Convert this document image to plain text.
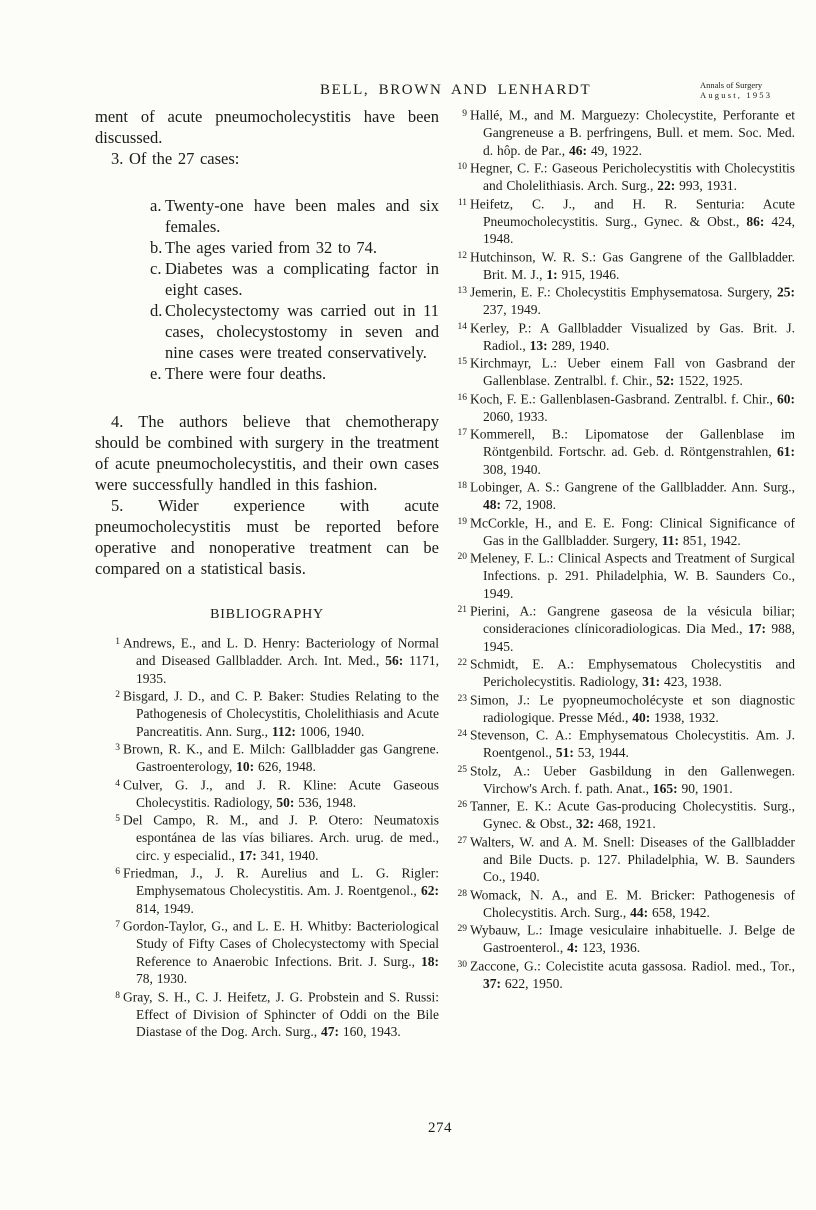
BELL, BROWN AND LENHARDT	Annals of Surgery
August, 1953

ment of acute pneumocholecystitis have been discussed.

3. Of the 27 cases:

a. Twenty-one have been males and six females.
b. The ages varied from 32 to 74.
c. Diabetes was a complicating factor in eight cases.
d. Cholecystectomy was carried out in 11 cases, cholecystostomy in seven and nine cases were treated conservatively.
e. There were four deaths.

4. The authors believe that chemotherapy should be combined with surgery in the treatment of acute pneumocholecystitis, and their own cases were successfully handled in this fashion.

5. Wider experience with acute pneumocholecystitis must be reported before operative and nonoperative treatment can be compared on a statistical basis.

BIBLIOGRAPHY
1 Andrews, E., and L. D. Henry: Bacteriology of Normal and Diseased Gallbladder. Arch. Int. Med., 56: 1171, 1935.
2 Bisgard, J. D., and C. P. Baker: Studies Relating to the Pathogenesis of Cholecystitis, Cholelithiasis and Acute Pancreatitis. Ann. Surg., 112: 1006, 1940.
3 Brown, R. K., and E. Milch: Gallbladder gas Gangrene. Gastroenterology, 10: 626, 1948.
4 Culver, G. J., and J. R. Kline: Acute Gaseous Cholecystitis. Radiology, 50: 536, 1948.
5 Del Campo, R. M., and J. P. Otero: Neumatoxis espontánea de las vías biliares. Arch. urug. de med., circ. y especialid., 17: 341, 1940.
6 Friedman, J., J. R. Aurelius and L. G. Rigler: Emphysematous Cholecystitis. Am. J. Roentgenol., 62: 814, 1949.
7 Gordon-Taylor, G., and L. E. H. Whitby: Bacteriological Study of Fifty Cases of Cholecystectomy with Special Reference to Anaerobic Infections. Brit. J. Surg., 18: 78, 1930.
8 Gray, S. H., C. J. Heifetz, J. G. Probstein and S. Russi: Effect of Division of Sphincter of Oddi on the Bile Diastase of the Dog. Arch. Surg., 47: 160, 1943.
9 Hallé, M., and M. Marguezy: Cholecystite, Perforante et Gangreneuse a B. perfringens, Bull. et mem. Soc. Med. d. hôp. de Par., 46: 49, 1922.
10 Hegner, C. F.: Gaseous Pericholecystitis with Cholecystitis and Cholelithiasis. Arch. Surg., 22: 993, 1931.
11 Heifetz, C. J., and H. R. Senturia: Acute Pneumocholecystitis. Surg., Gynec. & Obst., 86: 424, 1948.
12 Hutchinson, W. R. S.: Gas Gangrene of the Gallbladder. Brit. M. J., 1: 915, 1946.
13 Jemerin, E. F.: Cholecystitis Emphysematosa. Surgery, 25: 237, 1949.
14 Kerley, P.: A Gallbladder Visualized by Gas. Brit. J. Radiol., 13: 289, 1940.
15 Kirchmayr, L.: Ueber einem Fall von Gasbrand der Gallenblase. Zentralbl. f. Chir., 52: 1522, 1925.
16 Koch, F. E.: Gallenblasen-Gasbrand. Zentralbl. f. Chir., 60: 2060, 1933.
17 Kommerell, B.: Lipomatose der Gallenblase im Röntgenbild. Fortschr. ad. Geb. d. Röntgenstrahlen, 61: 308, 1940.
18 Lobinger, A. S.: Gangrene of the Gallbladder. Ann. Surg., 48: 72, 1908.
19 McCorkle, H., and E. E. Fong: Clinical Significance of Gas in the Gallbladder. Surgery, 11: 851, 1942.
20 Meleney, F. L.: Clinical Aspects and Treatment of Surgical Infections. p. 291. Philadelphia, W. B. Saunders Co., 1949.
21 Pierini, A.: Gangrene gaseosa de la vésicula biliar; consideraciones clínicoradiologicas. Dia Med., 17: 988, 1945.
22 Schmidt, E. A.: Emphysematous Cholecystitis and Pericholecystitis. Radiology, 31: 423, 1938.
23 Simon, J.: Le pyopneumocholécyste et son diagnostic radiologique. Presse Méd., 40: 1938, 1932.
24 Stevenson, C. A.: Emphysematous Cholecystitis. Am. J. Roentgenol., 51: 53, 1944.
25 Stolz, A.: Ueber Gasbildung in den Gallenwegen. Virchow's Arch. f. path. Anat., 165: 90, 1901.
26 Tanner, E. K.: Acute Gas-producing Cholecystitis. Surg., Gynec. & Obst., 32: 468, 1921.
27 Walters, W. and A. M. Snell: Diseases of the Gallbladder and Bile Ducts. p. 127. Philadelphia, W. B. Saunders Co., 1940.
28 Womack, N. A., and E. M. Bricker: Pathogenesis of Cholecystitis. Arch. Surg., 44: 658, 1942.
29 Wybauw, L.: Image vesiculaire inhabituelle. J. Belge de Gastroenterol., 4: 123, 1936.
30 Zaccone, G.: Colecistite acuta gassosa. Radiol. med., Tor., 37: 622, 1950.
274
